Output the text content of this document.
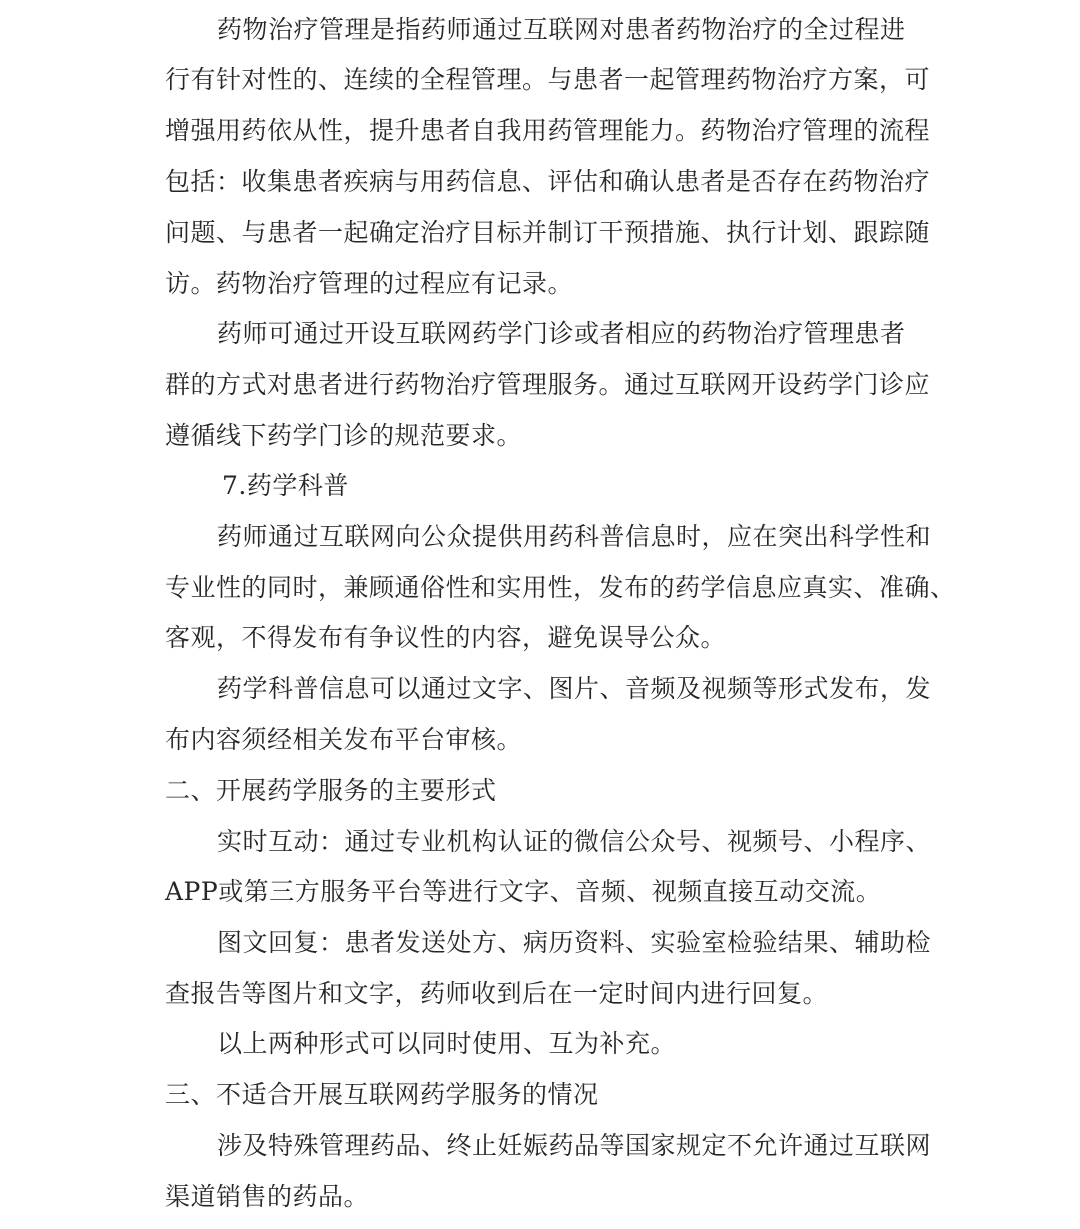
药物治疗管理是指药师通过互联网对患者药物治疗的全过程进

行有针对性的、连续的全程管理。与患者一起管理药物治疗方案，可

增强用药依从性，提升患者自我用药管理能力。药物治疗管理的流程

包括：收集患者疾病与用药信息、评估和确认患者是否存在药物治疗

问题、与患者一起确定治疗目标并制订干预措施、执行计划、跟踪随

访。药物治疗管理的过程应有记录。

药师可通过开设互联网药学门诊或者相应的药物治疗管理患者

群的方式对患者进行药物治疗管理服务。通过互联网开设药学门诊应

遵循线下药学门诊的规范要求。

7.药学科普

药师通过互联网向公众提供用药科普信息时，应在突出科学性和

专业性的同时，兼顾通俗性和实用性，发布的药学信息应真实、准确、

客观，不得发布有争议性的内容，避免误导公众。

药学科普信息可以通过文字、图片、音频及视频等形式发布，发

布内容须经相关发布平台审核。

二、开展药学服务的主要形式

实时互动：通过专业机构认证的微信公众号、视频号、小程序、

APP或第三方服务平台等进行文字、音频、视频直接互动交流。

图文回复：患者发送处方、病历资料、实验室检验结果、辅助检

查报告等图片和文字，药师收到后在一定时间内进行回复。

以上两种形式可以同时使用、互为补充。

三、不适合开展互联网药学服务的情况

涉及特殊管理药品、终止妊娠药品等国家规定不允许通过互联网

渠道销售的药品。
